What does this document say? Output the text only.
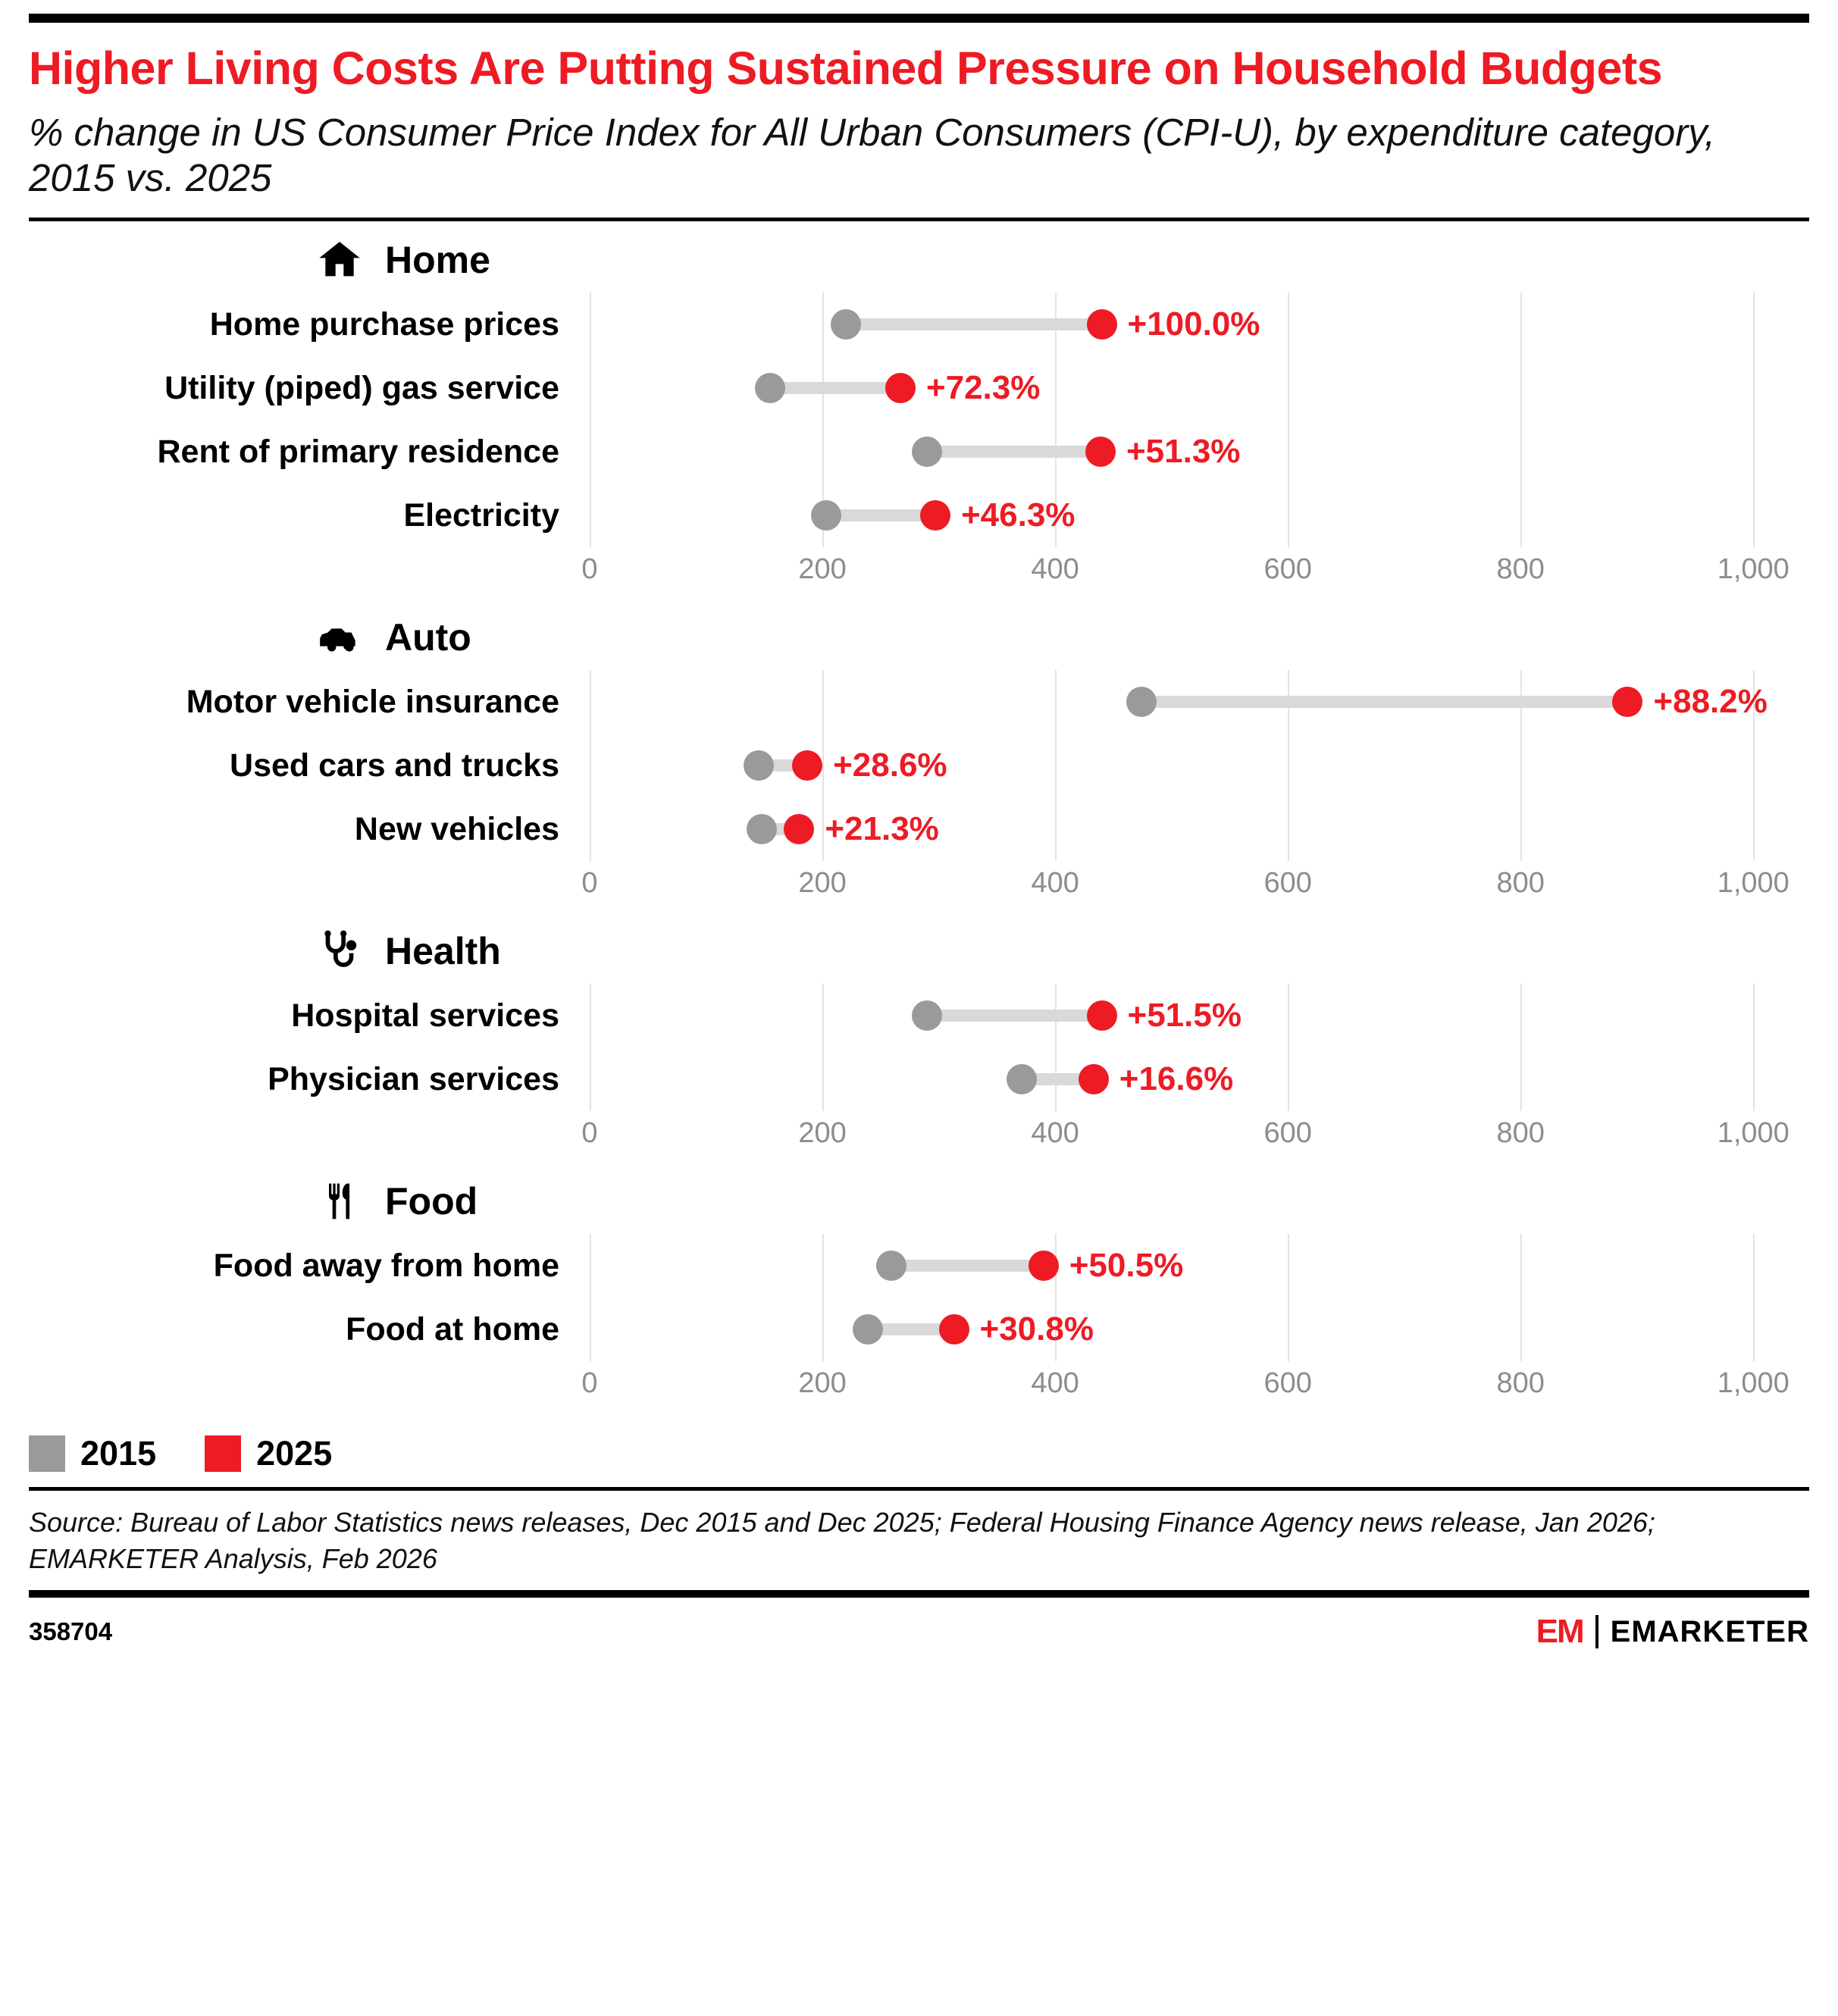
Higher Living Costs Are Putting Sustained Pressure on Household Budgets
% change in US Consumer Price Index for All Urban Consumers (CPI-U), by expenditure category, 2015 vs. 2025
Home
Home purchase prices	+100.0%
Utility (piped) gas service	+72.3%
Rent of primary residence	+51.3%
Electricity	+46.3%
0	200	400	600	800	1,000
Auto
Motor vehicle insurance	+88.2%
Used cars and trucks	+28.6%
New vehicles	+21.3%
0	200	400	600	800	1,000
Health
Hospital services	+51.5%
Physician services	+16.6%
0	200	400	600	800	1,000
Food
Food away from home	+50.5%
Food at home	+30.8%
0	200	400	600	800	1,000
2015	2025
Source: Bureau of Labor Statistics news releases, Dec 2015 and Dec 2025; Federal Housing Finance Agency news release, Jan 2026; EMARKETER Analysis, Feb 2026
358704	EM EMARKETER
